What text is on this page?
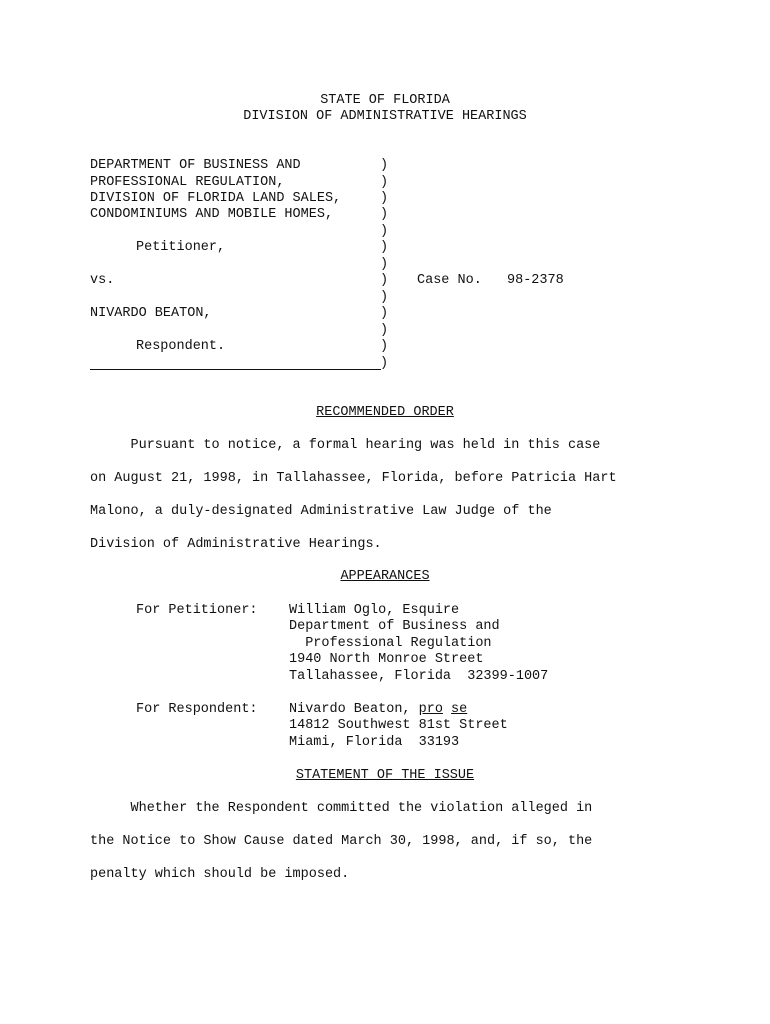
STATE OF FLORIDA
DIVISION OF ADMINISTRATIVE HEARINGS
DEPARTMENT OF BUSINESS AND
PROFESSIONAL REGULATION,
DIVISION OF FLORIDA LAND SALES,
CONDOMINIUMS AND MOBILE HOMES,
Petitioner,
vs.
NIVARDO BEATON,
Respondent.
)
)
)
)
)
)
)
)
)
)
)
)
)
Case No. 98-2378
RECOMMENDED ORDER
Pursuant to notice, a formal hearing was held in this case
on August 21, 1998, in Tallahassee, Florida, before Patricia Hart
Malono, a duly-designated Administrative Law Judge of the
Division of Administrative Hearings.
APPEARANCES
For Petitioner: William Oglo, Esquire
Department of Business and
Professional Regulation
1940 North Monroe Street
Tallahassee, Florida  32399-1007
For Respondent: Nivardo Beaton, pro se
14812 Southwest 81st Street
Miami, Florida  33193
STATEMENT OF THE ISSUE
Whether the Respondent committed the violation alleged in
the Notice to Show Cause dated March 30, 1998, and, if so, the
penalty which should be imposed.
